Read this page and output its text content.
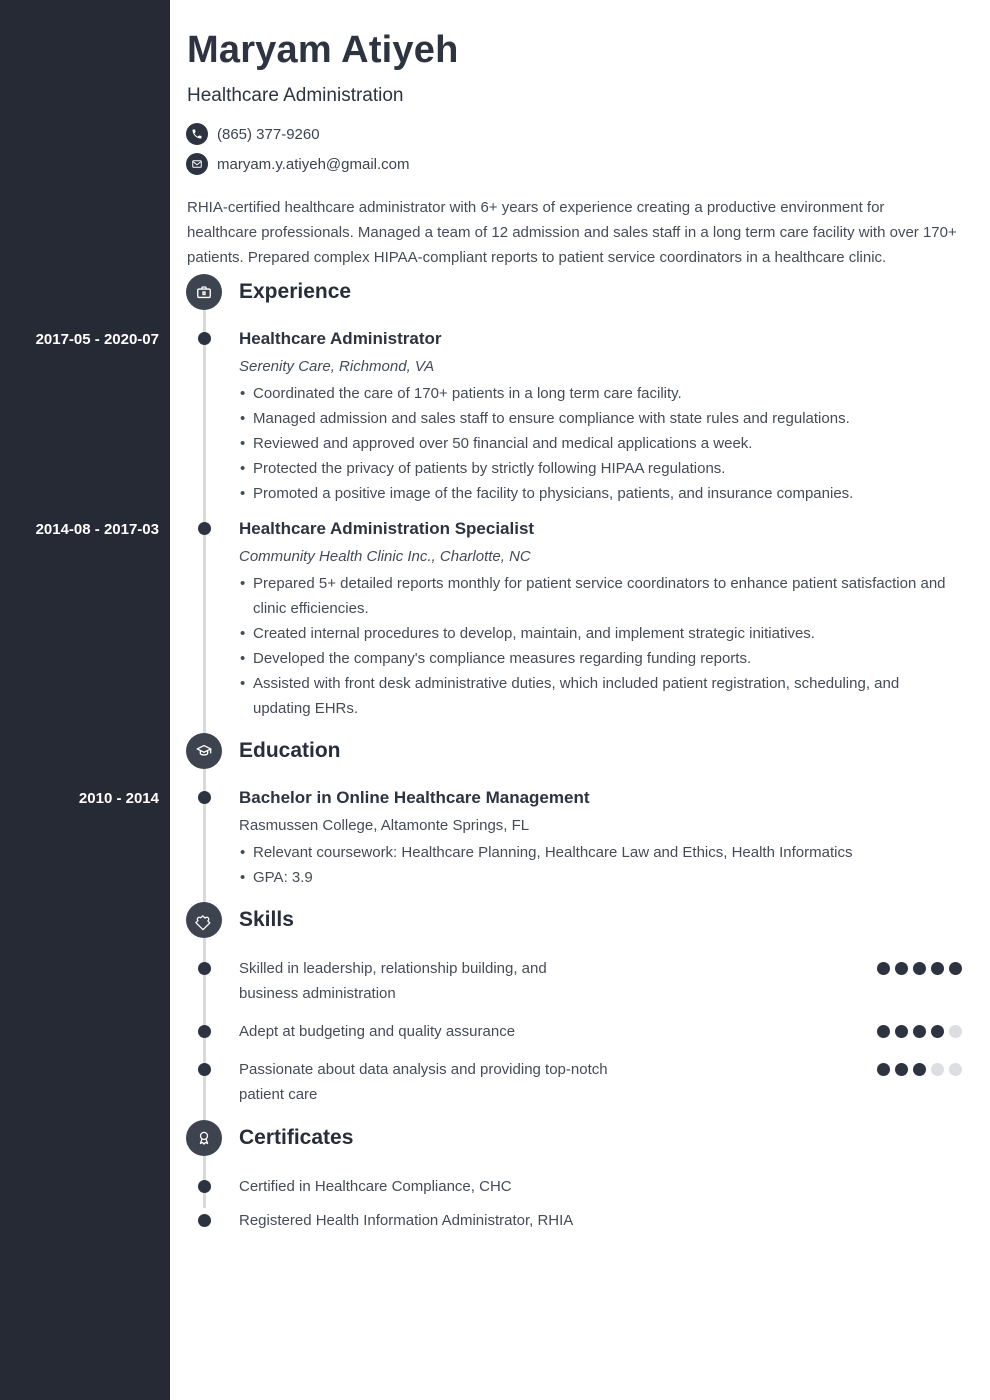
Maryam Atiyeh
Healthcare Administration
(865) 377-9260
maryam.y.atiyeh@gmail.com

RHIA-certified healthcare administrator with 6+ years of experience creating a productive environment for healthcare professionals. Managed a team of 12 admission and sales staff in a long term care facility with over 170+ patients. Prepared complex HIPAA-compliant reports to patient service coordinators in a healthcare clinic.

Experience
2017-05 - 2020-07	Healthcare Administrator
Serenity Care, Richmond, VA
• Coordinated the care of 170+ patients in a long term care facility.
• Managed admission and sales staff to ensure compliance with state rules and regulations.
• Reviewed and approved over 50 financial and medical applications a week.
• Protected the privacy of patients by strictly following HIPAA regulations.
• Promoted a positive image of the facility to physicians, patients, and insurance companies.
2014-08 - 2017-03	Healthcare Administration Specialist
Community Health Clinic Inc., Charlotte, NC
• Prepared 5+ detailed reports monthly for patient service coordinators to enhance patient satisfaction and clinic efficiencies.
• Created internal procedures to develop, maintain, and implement strategic initiatives.
• Developed the company's compliance measures regarding funding reports.
• Assisted with front desk administrative duties, which included patient registration, scheduling, and updating EHRs.
Education
2010 - 2014	Bachelor in Online Healthcare Management
Rasmussen College, Altamonte Springs, FL
• Relevant coursework: Healthcare Planning, Healthcare Law and Ethics, Health Informatics
• GPA: 3.9
Skills
Skilled in leadership, relationship building, and business administration
Adept at budgeting and quality assurance
Passionate about data analysis and providing top-notch patient care
Certificates
Certified in Healthcare Compliance, CHC
Registered Health Information Administrator, RHIA
